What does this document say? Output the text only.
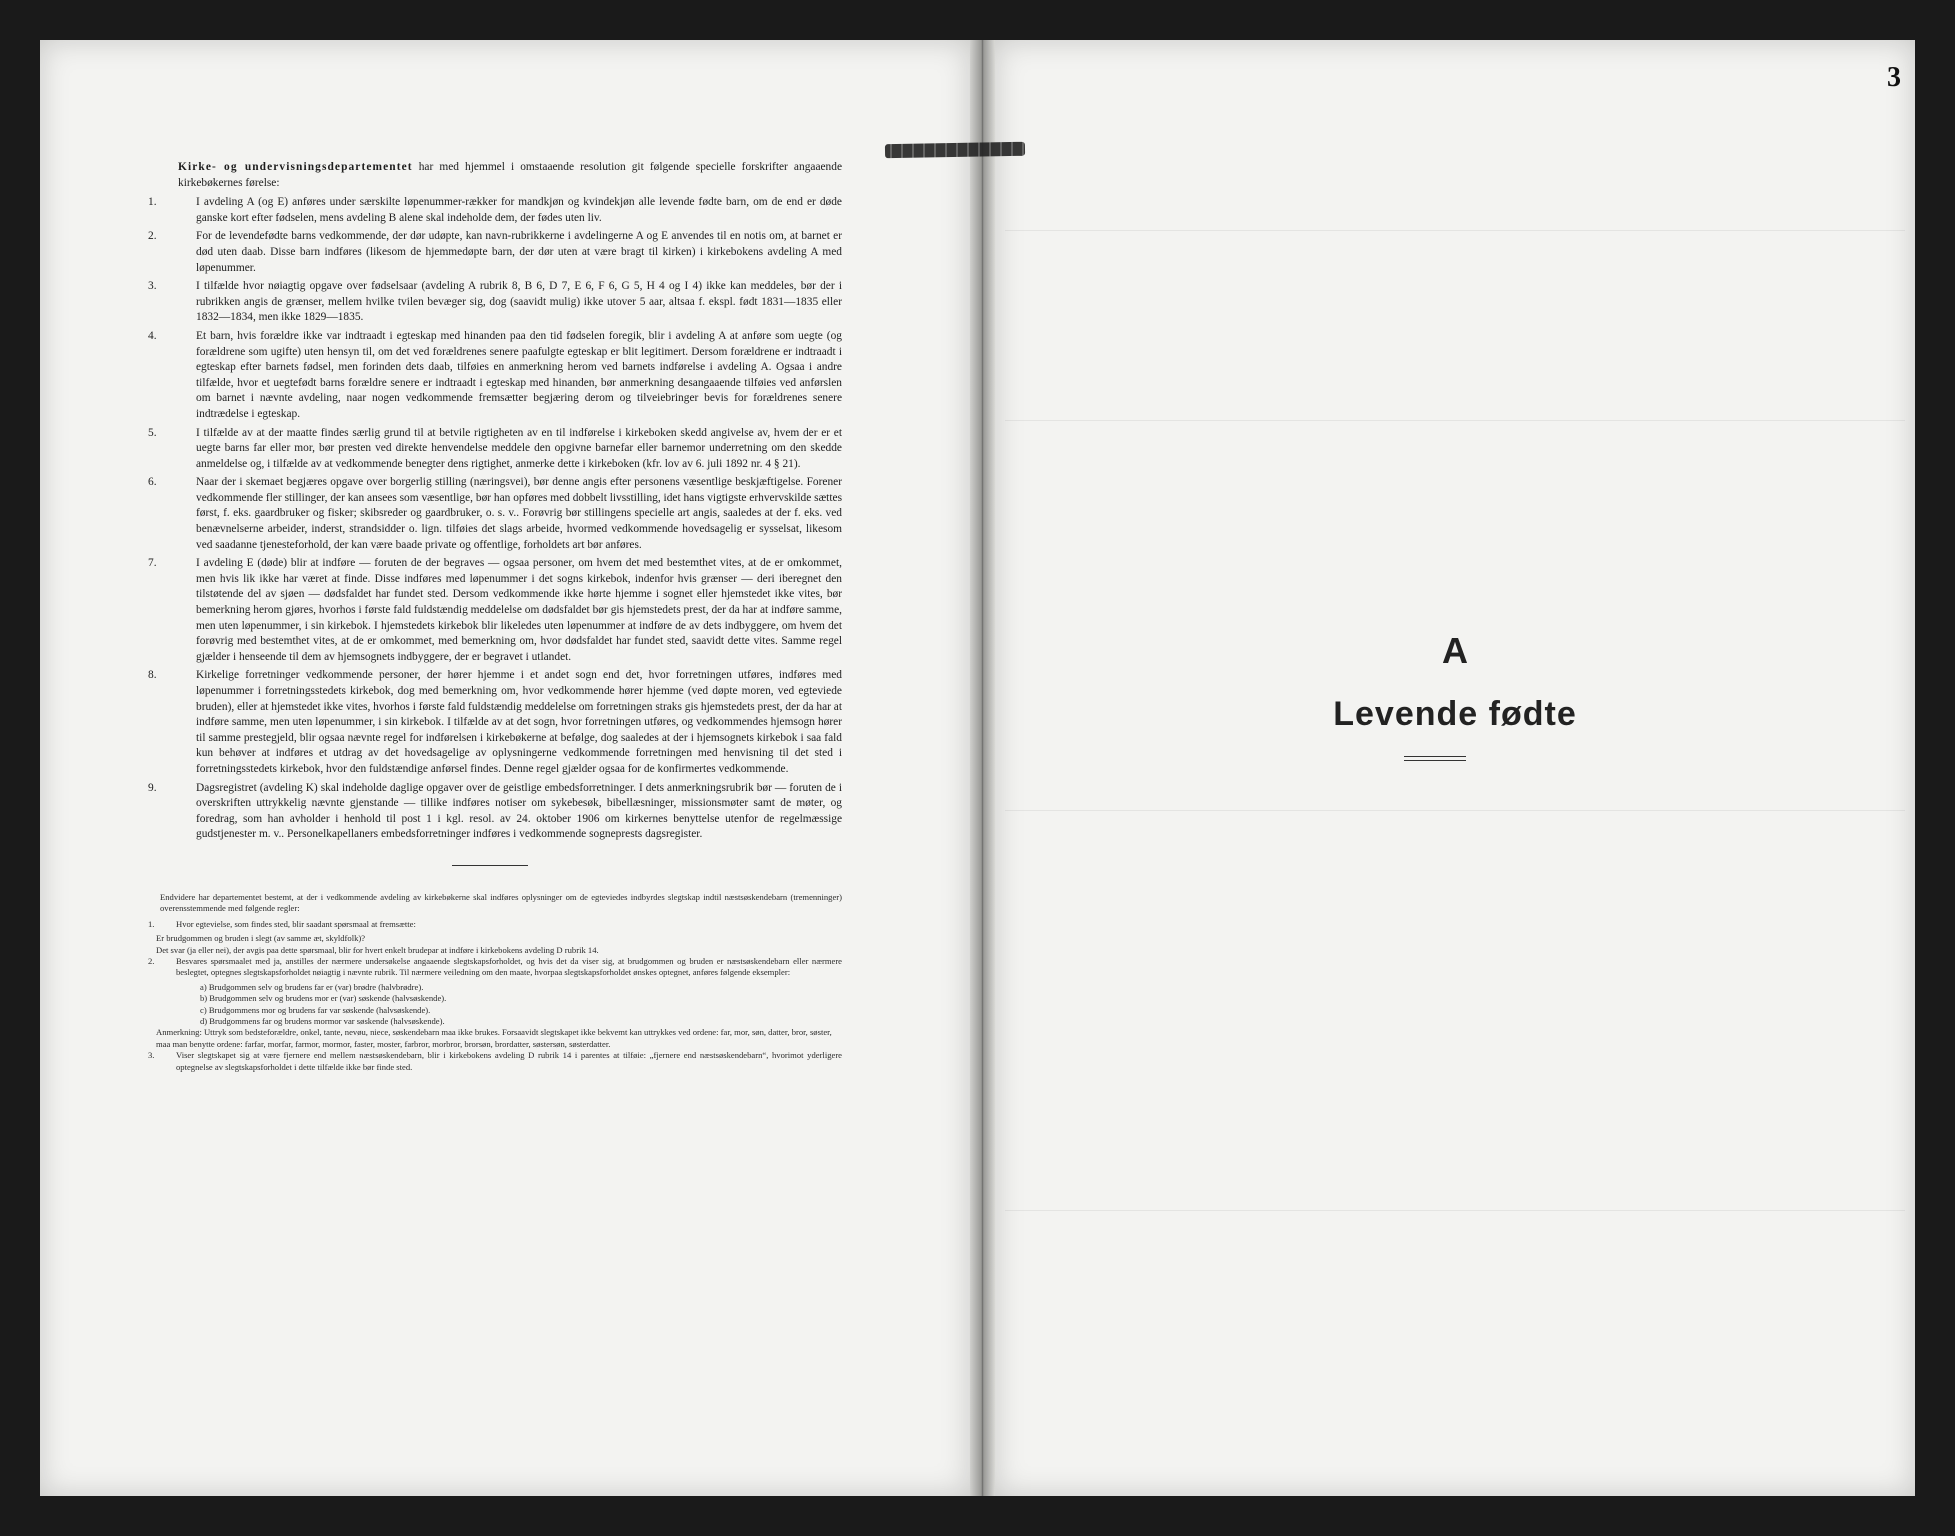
3
A
Levende fødte

Kirke- og undervisningsdepartementet har med hjemmel i omstaaende resolution git følgende specielle forskrifter angaaende kirkebøkernes førelse:

1.	I avdeling A (og E) anføres under særskilte løpenummer-rækker for mandkjøn og kvindekjøn alle levende fødte barn, om de end er døde ganske kort efter fødselen, mens avdeling B alene skal indeholde dem, der fødes uten liv.
2.	For de levendefødte barns vedkommende, der dør udøpte, kan navn-rubrikkerne i avdelingerne A og E anvendes til en notis om, at barnet er død uten daab. Disse barn indføres (likesom de hjemmedøpte barn, der dør uten at være bragt til kirken) i kirkebokens avdeling A med løpenummer.
3.	I tilfælde hvor nøiagtig opgave over fødselsaar (avdeling A rubrik 8, B 6, D 7, E 6, F 6, G 5, H 4 og I 4) ikke kan meddeles, bør der i rubrikken angis de grænser, mellem hvilke tvilen bevæger sig, dog (saavidt mulig) ikke utover 5 aar, altsaa f. ekspl. født 1831—1835 eller 1832—1834, men ikke 1829—1835.
4.	Et barn, hvis forældre ikke var indtraadt i egteskap med hinanden paa den tid fødselen foregik, blir i avdeling A at anføre som uegte (og forældrene som ugifte) uten hensyn til, om det ved forældrenes senere paafulgte egteskap er blit legitimert. Dersom forældrene er indtraadt i egteskap efter barnets fødsel, men forinden dets daab, tilføies en anmerkning herom ved barnets indførelse i avdeling A. Ogsaa i andre tilfælde, hvor et uegtefødt barns forældre senere er indtraadt i egteskap med hinanden, bør anmerkning desangaaende tilføies ved anførslen om barnet i nævnte avdeling, naar nogen vedkommende fremsætter begjæring derom og tilveiebringer bevis for forældrenes senere indtrædelse i egteskap.
5.	I tilfælde av at der maatte findes særlig grund til at betvile rigtigheten av en til indførelse i kirkeboken skedd angivelse av, hvem der er et uegte barns far eller mor, bør presten ved direkte henvendelse meddele den opgivne barnefar eller barnemor underretning om den skedde anmeldelse og, i tilfælde av at vedkommende benegter dens rigtighet, anmerke dette i kirkeboken (kfr. lov av 6. juli 1892 nr. 4 § 21).
6.	Naar der i skemaet begjæres opgave over borgerlig stilling (næringsvei), bør denne angis efter personens væsentlige beskjæftigelse. Forener vedkommende fler stillinger, der kan ansees som væsentlige, bør han opføres med dobbelt livsstilling, idet hans vigtigste erhvervskilde sættes først, f. eks. gaardbruker og fisker; skibsreder og gaardbruker, o. s. v.. Forøvrig bør stillingens specielle art angis, saaledes at der f. eks. ved benævnelserne arbeider, inderst, strandsidder o. lign. tilføies det slags arbeide, hvormed vedkommende hovedsagelig er sysselsat, likesom ved saadanne tjenesteforhold, der kan være baade private og offentlige, forholdets art bør anføres.
7.	I avdeling E (døde) blir at indføre — foruten de der begraves — ogsaa personer, om hvem det med bestemthet vites, at de er omkommet, men hvis lik ikke har været at finde. Disse indføres med løpenummer i det sogns kirkebok, indenfor hvis grænser — deri iberegnet den tilstøtende del av sjøen — dødsfaldet har fundet sted. Dersom vedkommende ikke hørte hjemme i sognet eller hjemstedet ikke vites, bør bemerkning herom gjøres, hvorhos i første fald fuldstændig meddelelse om dødsfaldet bør gis hjemstedets prest, der da har at indføre samme, men uten løpenummer, i sin kirkebok. I hjemstedets kirkebok blir likeledes uten løpenummer at indføre de av dets indbyggere, om hvem det forøvrig med bestemthet vites, at de er omkommet, med bemerkning om, hvor dødsfaldet har fundet sted, saavidt dette vites. Samme regel gjælder i henseende til dem av hjemsognets indbyggere, der er begravet i utlandet.
8.	Kirkelige forretninger vedkommende personer, der hører hjemme i et andet sogn end det, hvor forretningen utføres, indføres med løpenummer i forretningsstedets kirkebok, dog med bemerkning om, hvor vedkommende hører hjemme (ved døpte moren, ved egteviede bruden), eller at hjemstedet ikke vites, hvorhos i første fald fuldstændig meddelelse om forretningen straks gis hjemstedets prest, der da har at indføre samme, men uten løpenummer, i sin kirkebok. I tilfælde av at det sogn, hvor forretningen utføres, og vedkommendes hjemsogn hører til samme prestegjeld, blir ogsaa nævnte regel for indførelsen i kirkebøkerne at befølge, dog saaledes at der i hjemsognets kirkebok i saa fald kun behøver at indføres et utdrag av det hovedsagelige av oplysningerne vedkommende forretningen med henvisning til det sted i forretningsstedets kirkebok, hvor den fuldstændige anførsel findes. Denne regel gjælder ogsaa for de konfirmertes vedkommende.
9.	Dagsregistret (avdeling K) skal indeholde daglige opgaver over de geistlige embedsforretninger. I dets anmerkningsrubrik bør — foruten de i overskriften uttrykkelig nævnte gjenstande — tillike indføres notiser om sykebesøk, bibellæsninger, missionsmøter samt de møter, og foredrag, som han avholder i henhold til post 1 i kgl. resol. av 24. oktober 1906 om kirkernes benyttelse utenfor de regelmæssige gudstjenester m. v.. Personelkapellaners embedsforretninger indføres i vedkommende sogneprests dagsregister.

Endvidere har departementet bestemt, at der i vedkommende avdeling av kirkebøkerne skal indføres oplysninger om de egteviedes indbyrdes slegtskap indtil næstsøskendebarn (tremenninger) overensstemmende med følgende regler:

1.	Hvor egtevielse, som findes sted, blir saadant spørsmaal at fremsætte:
Er brudgommen og bruden i slegt (av samme æt, skyldfolk)?
Det svar (ja eller nei), der avgis paa dette spørsmaal, blir for hvert enkelt brudepar at indføre i kirkebokens avdeling D rubrik 14.
2.	Besvares spørsmaalet med ja, anstilles der nærmere undersøkelse angaaende slegtskapsforholdet, og hvis det da viser sig, at brudgommen og bruden er næstsøskendebarn eller nærmere beslegtet, optegnes slegtskapsforholdet nøiagtig i nævnte rubrik. Til nærmere veiledning om den maate, hvorpaa slegtskapsforholdet ønskes optegnet, anføres følgende eksempler:
a) Brudgommen selv og brudens far er (var) brødre (halvbrødre).
b) Brudgommen selv og brudens mor er (var) søskende (halvsøskende).
c) Brudgommens mor og brudens far var søskende (halvsøskende).
d) Brudgommens far og brudens mormor var søskende (halvsøskende).
Anmerkning: Uttryk som bedsteforældre, onkel, tante, nevøu, niece, søskendebarn maa ikke brukes. Forsaavidt slegtskapet ikke bekvemt kan uttrykkes ved ordene: far, mor, søn, datter, bror, søster, maa man benytte ordene: farfar, morfar, farmor, mormor, faster, moster, farbror, morbror, brorsøn, brordatter, søstersøn, søsterdatter.
3.	Viser slegtskapet sig at være fjernere end mellem næstsøskendebarn, blir i kirkebokens avdeling D rubrik 14 i parentes at tilføie: „fjernere end næstsøskendebarn“, hvorimot yderligere optegnelse av slegtskapsforholdet i dette tilfælde ikke bør finde sted.
